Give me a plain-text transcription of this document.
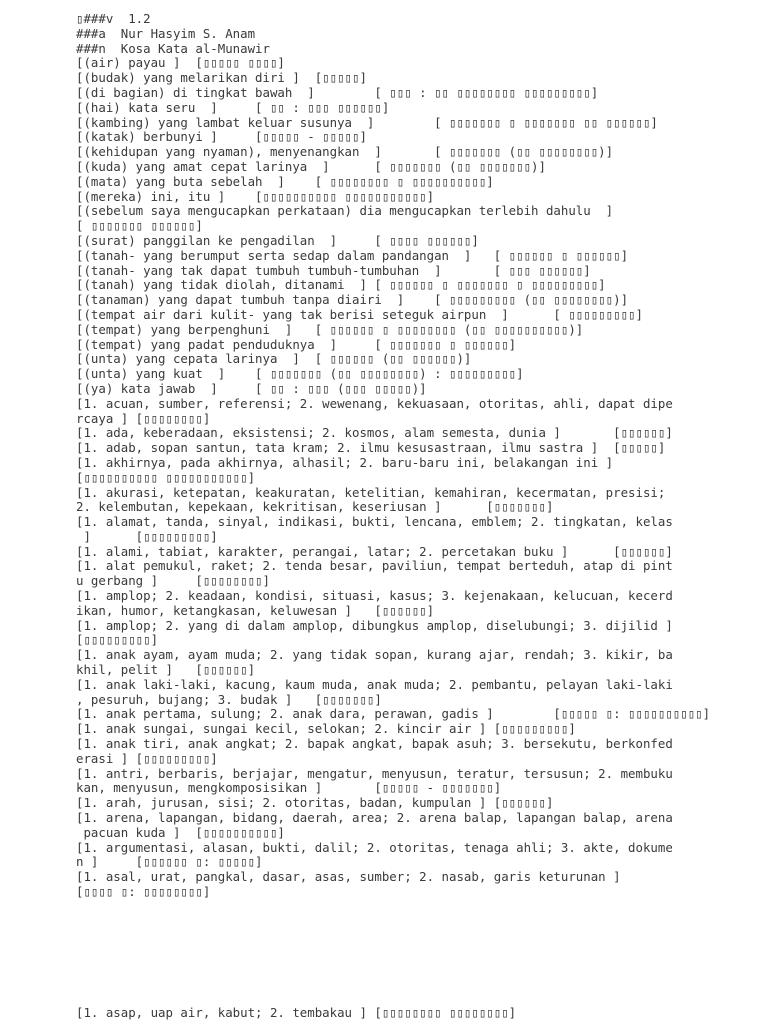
▯###v  1.2
###a  Nur Hasyim S. Anam
###n  Kosa Kata al-Munawir
[(air) payau ]  [▯▯▯▯▯ ▯▯▯▯]
[(budak) yang melarikan diri ]  [▯▯▯▯▯]
[(di bagian) di tingkat bawah  ]        [ ▯▯▯ : ▯▯ ▯▯▯▯▯▯▯▯ ▯▯▯▯▯▯▯▯▯]
[(hai) kata seru  ]     [ ▯▯ : ▯▯▯ ▯▯▯▯▯▯]
[(kambing) yang lambat keluar susunya  ]        [ ▯▯▯▯▯▯▯ ▯ ▯▯▯▯▯▯▯ ▯▯ ▯▯▯▯▯▯]
[(katak) berbunyi ]     [▯▯▯▯▯ - ▯▯▯▯▯]
[(kehidupan yang nyaman), menyenangkan  ]       [ ▯▯▯▯▯▯▯ (▯▯ ▯▯▯▯▯▯▯▯)]
[(kuda) yang amat cepat larinya  ]      [ ▯▯▯▯▯▯▯ (▯▯ ▯▯▯▯▯▯▯)]
[(mata) yang buta sebelah  ]    [ ▯▯▯▯▯▯▯▯ ▯ ▯▯▯▯▯▯▯▯▯▯]
[(mereka) ini, itu ]    [▯▯▯▯▯▯▯▯▯▯ ▯▯▯▯▯▯▯▯▯▯▯]
[(sebelum saya mengucapkan perkataan) dia mengucapkan terlebih dahulu  ]
[ ▯▯▯▯▯▯▯ ▯▯▯▯▯▯]
[(surat) panggilan ke pengadilan  ]     [ ▯▯▯▯ ▯▯▯▯▯▯]
[(tanah- yang berumput serta sedap dalam pandangan  ]   [ ▯▯▯▯▯▯ ▯ ▯▯▯▯▯▯]
[(tanah- yang tak dapat tumbuh tumbuh-tumbuhan  ]       [ ▯▯▯ ▯▯▯▯▯▯]
[(tanah) yang tidak diolah, ditanami  ] [ ▯▯▯▯▯▯ ▯ ▯▯▯▯▯▯▯ ▯ ▯▯▯▯▯▯▯▯▯]
[(tanaman) yang dapat tumbuh tanpa diairi  ]    [ ▯▯▯▯▯▯▯▯▯ (▯▯ ▯▯▯▯▯▯▯▯)]
[(tempat air dari kulit- yang tak berisi seteguk airpun  ]      [ ▯▯▯▯▯▯▯▯▯]
[(tempat) yang berpenghuni  ]   [ ▯▯▯▯▯▯ ▯ ▯▯▯▯▯▯▯▯ (▯▯ ▯▯▯▯▯▯▯▯▯▯)]
[(tempat) yang padat penduduknya  ]     [ ▯▯▯▯▯▯▯ ▯ ▯▯▯▯▯▯]
[(unta) yang cepata larinya  ]  [ ▯▯▯▯▯▯ (▯▯ ▯▯▯▯▯▯)]
[(unta) yang kuat  ]    [ ▯▯▯▯▯▯▯ (▯▯ ▯▯▯▯▯▯▯▯) : ▯▯▯▯▯▯▯▯▯]
[(ya) kata jawab  ]     [ ▯▯ : ▯▯▯ (▯▯▯ ▯▯▯▯▯)]
[1. acuan, sumber, referensi; 2. wewenang, kekuasaan, otoritas, ahli, dapat dipe
rcaya ] [▯▯▯▯▯▯▯▯]
[1. ada, keberadaan, eksistensi; 2. kosmos, alam semesta, dunia ]       [▯▯▯▯▯▯]
[1. adab, sopan santun, tata kram; 2. ilmu kesusastraan, ilmu sastra ]  [▯▯▯▯▯]
[1. akhirnya, pada akhirnya, alhasil; 2. baru-baru ini, belakangan ini ]
[▯▯▯▯▯▯▯▯▯▯ ▯▯▯▯▯▯▯▯▯▯▯]
[1. akurasi, ketepatan, keakuratan, ketelitian, kemahiran, kecermatan, presisi;
2. kelembutan, kepekaan, kekritisan, keseriusan ]      [▯▯▯▯▯▯▯]
[1. alamat, tanda, sinyal, indikasi, bukti, lencana, emblem; 2. tingkatan, kelas
]      [▯▯▯▯▯▯▯▯▯]
[1. alami, tabiat, karakter, perangai, latar; 2. percetakan buku ]      [▯▯▯▯▯▯]
[1. alat pemukul, raket; 2. tenda besar, paviliun, tempat berteduh, atap di pint
u gerbang ]     [▯▯▯▯▯▯▯▯]
[1. amplop; 2. keadaan, kondisi, situasi, kasus; 3. kejenakaan, kelucuan, kecerd
ikan, humor, ketangkasan, keluwesan ]   [▯▯▯▯▯▯]
[1. amplop; 2. yang di dalam amplop, dibungkus amplop, diselubungi; 3. dijilid ]
[▯▯▯▯▯▯▯▯▯]
[1. anak ayam, ayam muda; 2. yang tidak sopan, kurang ajar, rendah; 3. kikir, ba
khil, pelit ]   [▯▯▯▯▯▯]
[1. anak laki-laki, kacung, kaum muda, anak muda; 2. pembantu, pelayan laki-laki
, pesuruh, bujang; 3. budak ]   [▯▯▯▯▯▯▯]
[1. anak pertama, sulung; 2. anak dara, perawan, gadis ]        [▯▯▯▯▯ ▯: ▯▯▯▯▯▯▯▯▯▯]
[1. anak sungai, sungai kecil, selokan; 2. kincir air ] [▯▯▯▯▯▯▯▯▯]
[1. anak tiri, anak angkat; 2. bapak angkat, bapak asuh; 3. bersekutu, berkonfed
erasi ] [▯▯▯▯▯▯▯▯▯]
[1. antri, berbaris, berjajar, mengatur, menyusun, teratur, tersusun; 2. membuku
kan, menyusun, mengkomposisikan ]       [▯▯▯▯▯ - ▯▯▯▯▯▯▯]
[1. arah, jurusan, sisi; 2. otoritas, badan, kumpulan ] [▯▯▯▯▯▯]
[1. arena, lapangan, bidang, daerah, area; 2. arena balap, lapangan balap, arena
pacuan kuda ]  [▯▯▯▯▯▯▯▯▯▯]
[1. argumentasi, alasan, bukti, dalil; 2. otoritas, tenaga ahli; 3. akte, dokume
n ]     [▯▯▯▯▯▯ ▯: ▯▯▯▯▯]
[1. asal, urat, pangkal, dasar, asas, sumber; 2. nasab, garis keturunan ]
[▯▯▯▯ ▯: ▯▯▯▯▯▯▯▯]
[1. asap, uap air, kabut; 2. tembakau ] [▯▯▯▯▯▯▯▯ ▯▯▯▯▯▯▯▯]
